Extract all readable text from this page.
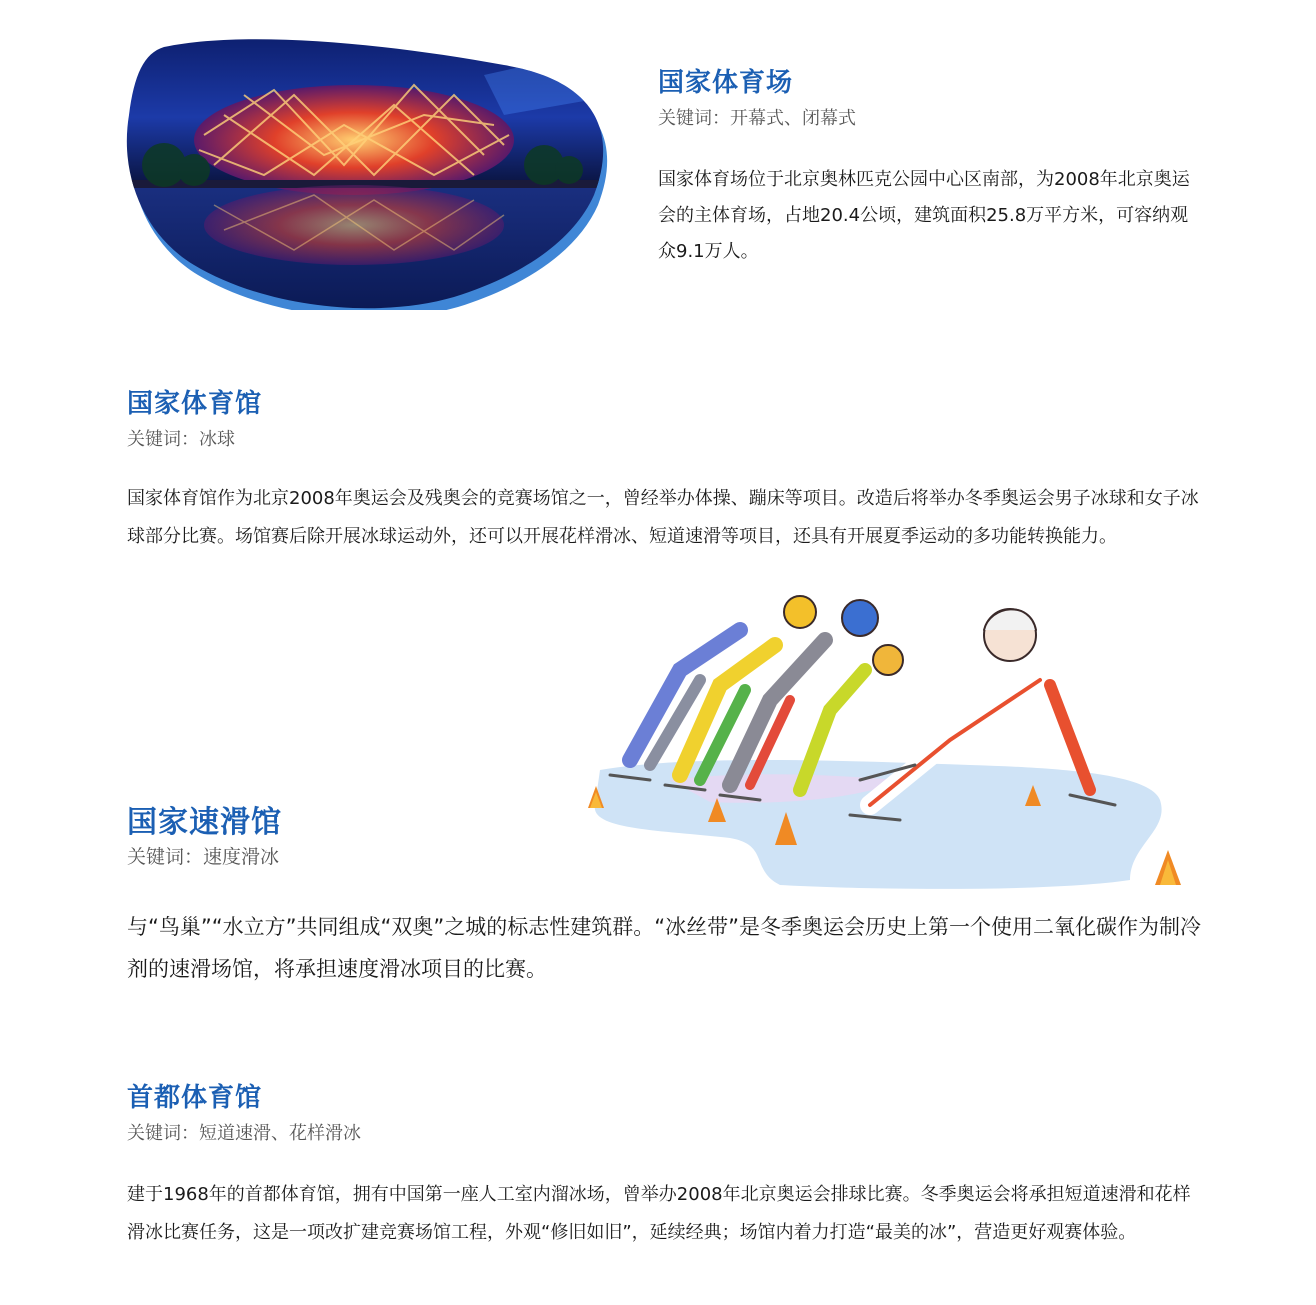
国家体育场
关键词：开幕式、闭幕式
国家体育场位于北京奥林匹克公园中心区南部，为2008年北京奥运会的主体育场，占地20.4公顷，建筑面积25.8万平方米，可容纳观众9.1万人。
国家体育馆
关键词：冰球
国家体育馆作为北京2008年奥运会及残奥会的竞赛场馆之一，曾经举办体操、蹦床等项目。改造后将举办冬季奥运会男子冰球和女子冰球部分比赛。场馆赛后除开展冰球运动外，还可以开展花样滑冰、短道速滑等项目，还具有开展夏季运动的多功能转换能力。
国家速滑馆
关键词：速度滑冰
与“鸟巢”“水立方”共同组成“双奥”之城的标志性建筑群。“冰丝带”是冬季奥运会历史上第一个使用二氧化碳作为制冷剂的速滑场馆，将承担速度滑冰项目的比赛。
首都体育馆
关键词：短道速滑、花样滑冰
建于1968年的首都体育馆，拥有中国第一座人工室内溜冰场，曾举办2008年北京奥运会排球比赛。冬季奥运会将承担短道速滑和花样滑冰比赛任务，这是一项改扩建竞赛场馆工程，外观“修旧如旧”，延续经典；场馆内着力打造“最美的冰”，营造更好观赛体验。
